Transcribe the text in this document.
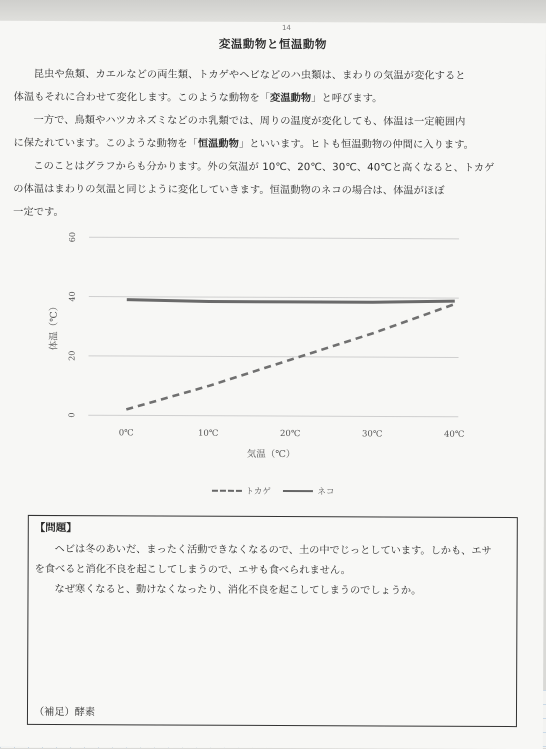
14
変温動物と恒温動物
昆虫や魚類、カエルなどの両生類、トカゲやヘビなどのハ虫類は、まわりの気温が変化すると
体温もそれに合わせて変化します。このような動物を「変温動物」と呼びます。
一方で、鳥類やハツカネズミなどのホ乳類では、周りの温度が変化しても、体温は一定範囲内
に保たれています。このような動物を「恒温動物」といいます。ヒトも恒温動物の仲間に入ります。
このことはグラフからも分かります。外の気温が 10℃、20℃、30℃、40℃と高くなると、トカゲ
の体温はまわりの気温と同じように変化していきます。恒温動物のネコの場合は、体温がほぼ
一定です。
0
20
40
60
0℃	10℃	20℃	30℃	40℃
気温（℃）
体温（℃）
トカゲ	ネコ
【問題】
ヘビは冬のあいだ、まったく活動できなくなるので、土の中でじっとしています。しかも、エサ
を食べると消化不良を起こしてしまうので、エサも食べられません。
なぜ寒くなると、動けなくなったり、消化不良を起こしてしまうのでしょうか。
（補足）酵素
